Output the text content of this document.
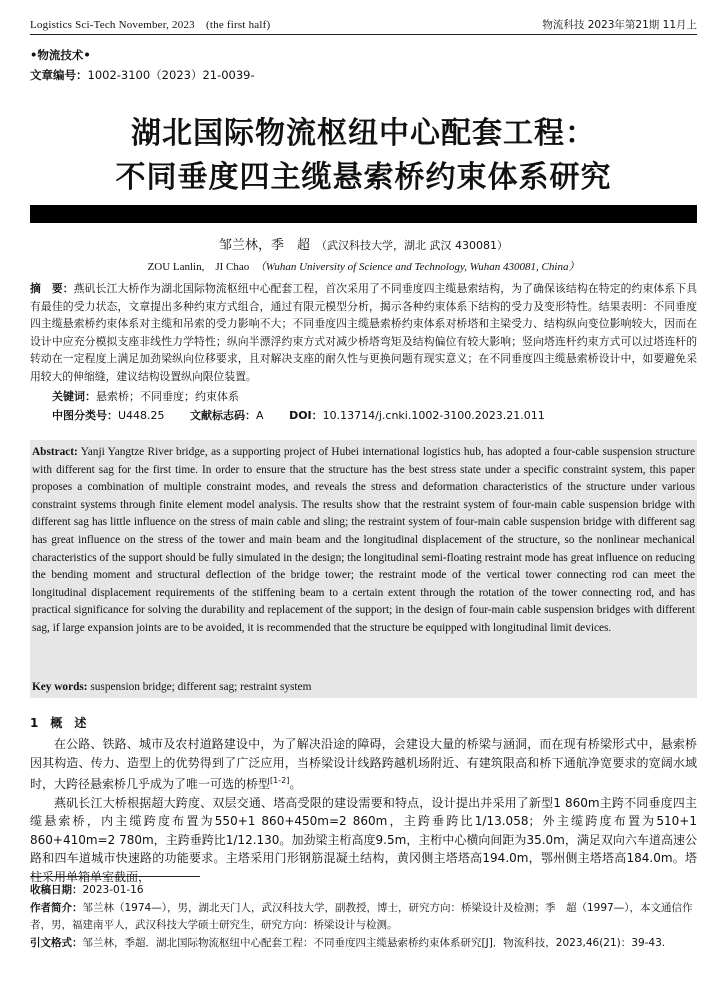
Logistics Sci-Tech November, 2023　(the first half)	物流科技 2023年第21期 11月上
•物流技术•
文章编号：1002-3100（2023）21-0039-
湖北国际物流枢纽中心配套工程：
不同垂度四主缆悬索桥约束体系研究
邹兰林，季　超 （武汉科技大学，湖北 武汉 430081）
ZOU Lanlin,　JI Chao （Wuhan University of Science and Technology, Wuhan 430081, China）
摘　要：燕矶长江大桥作为湖北国际物流枢纽中心配套工程，首次采用了不同垂度四主缆悬索结构，为了确保该结构在特定的约束体系下具有最佳的受力状态，文章提出多种约束方式组合，通过有限元模型分析，揭示各种约束体系下结构的受力及变形特性。结果表明：不同垂度四主缆悬索桥约束体系对主缆和吊索的受力影响不大；不同垂度四主缆悬索桥约束体系对桥塔和主梁受力、结构纵向变位影响较大，因而在设计中应充分模拟支座非线性力学特性；纵向半漂浮约束方式对减少桥塔弯矩及结构偏位有较大影响；竖向塔连杆约束方式可以过塔连杆的转动在一定程度上满足加劲梁纵向位移要求，且对解决支座的耐久性与更换问题有现实意义；在不同垂度四主缆悬索桥设计中，如要避免采用较大的伸缩缝，建议结构设置纵向限位装置。
关键词：悬索桥；不同垂度；约束体系
中图分类号：U448.25 文献标志码：A DOI：10.13714/j.cnki.1002-3100.2023.21.011
Abstract: Yanji Yangtze River bridge, as a supporting project of Hubei international logistics hub, has adopted a four-cable suspension structure with different sag for the first time. In order to ensure that the structure has the best stress state under a specific constraint system, this paper proposes a combination of multiple constraint modes, and reveals the stress and deformation characteristics of the structure under various constraint systems through finite element model analysis. The results show that the restraint system of four-main cable suspension bridge with different sag has little influence on the stress of main cable and sling; the restraint system of four-main cable suspension bridge with different sag has great influence on the stress of the tower and main beam and the longitudinal displacement of the structure, so the nonlinear mechanical characteristics of the support should be fully simulated in the design; the longitudinal semi-floating restraint mode has great influence on reducing the bending moment and structural deflection of the bridge tower; the restraint mode of the vertical tower connecting rod can meet the longitudinal displacement requirements of the stiffening beam to a certain extent through the rotation of the tower connecting rod, and has practical significance for solving the durability and replacement of the support; in the design of four-main cable suspension bridges with different sag, if large expansion joints are to be avoided, it is recommended that the structure be equipped with longitudinal limit devices.
Key words: suspension bridge; different sag; restraint system
1　概　述

在公路、铁路、城市及农村道路建设中，为了解决沿途的障碍，会建设大量的桥梁与涵洞，而在现有桥梁形式中，悬索桥因其构造、传力、造型上的优势得到了广泛应用，当桥梁设计线路跨越机场附近、有建筑限高和桥下通航净宽要求的宽阔水域时，大跨径悬索桥几乎成为了唯一可选的桥型[1-2]。

燕矶长江大桥根据超大跨度、双层交通、塔高受限的建设需要和特点，设计提出并采用了新型1 860m主跨不同垂度四主缆悬索桥，内主缆跨度布置为550+1 860+450m=2 860m，主跨垂跨比1/13.058；外主缆跨度布置为510+1 860+410m=2 780m，主跨垂跨比1/12.130。加劲梁主桁高度9.5m，主桁中心横向间距为35.0m，满足双向六车道高速公路和四车道城市快速路的功能要求。主塔采用门形钢筋混凝土结构，黄冈侧主塔塔高194.0m，鄂州侧主塔塔高184.0m。塔柱采用单箱单室截面，

收稿日期：2023-01-16
作者简介：邹兰林（1974—），男，湖北天门人，武汉科技大学，副教授，博士，研究方向：桥梁设计及检测；季　超（1997—），本文通信作者，男，福建南平人，武汉科技大学硕士研究生，研究方向：桥梁设计与检测。
引文格式：邹兰林，季超．湖北国际物流枢纽中心配套工程：不同垂度四主缆悬索桥约束体系研究[J]．物流科技，2023,46(21)：39-43.
